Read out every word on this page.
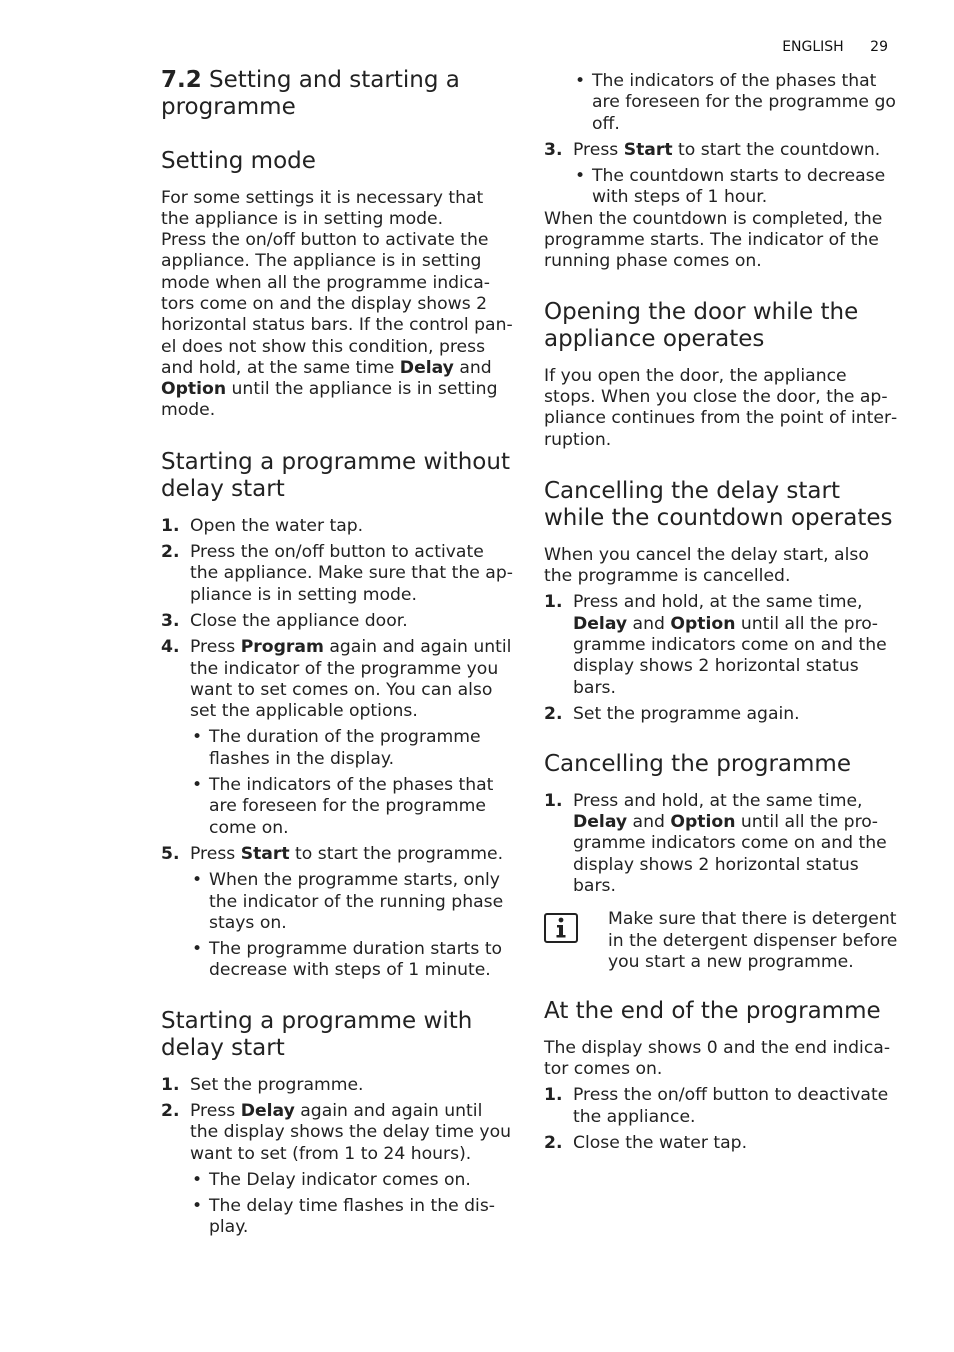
ENGLISH 29
7.2 Setting and starting a programme
Setting mode

For some settings it is necessary that the appliance is in setting mode.

Press the on/off button to activate the appliance. The appliance is in setting mode when all the programme indicators come on and the display shows 2 horizontal status bars. If the control panel does not show this condition, press and hold, at the same time Delay and Option until the appliance is in setting mode.

Starting a programme without delay start
1. Open the water tap.
2. Press the on/off button to activate the appliance. Make sure that the appliance is in setting mode.
3. Close the appliance door.
4. Press Program again and again until the indicator of the programme you want to set comes on. You can also set the applicable options.
• The duration of the programme flashes in the display.
• The indicators of the phases that are foreseen for the programme come on.
5. Press Start to start the programme.
• When the programme starts, only the indicator of the running phase stays on.
• The programme duration starts to decrease with steps of 1 minute.
Starting a programme with delay start
1. Set the programme.
2. Press Delay again and again until the display shows the delay time you want to set (from 1 to 24 hours).
• The Delay indicator comes on.
• The delay time flashes in the display.
• The indicators of the phases that are foreseen for the programme go off.
3. Press Start to start the countdown.
• The countdown starts to decrease with steps of 1 hour.

When the countdown is completed, the programme starts. The indicator of the running phase comes on.

Opening the door while the appliance operates

If you open the door, the appliance stops. When you close the door, the appliance continues from the point of interruption.

Cancelling the delay start while the countdown operates

When you cancel the delay start, also the programme is cancelled.

1. Press and hold, at the same time, Delay and Option until all the programme indicators come on and the display shows 2 horizontal status bars.
2. Set the programme again.
Cancelling the programme
1. Press and hold, at the same time, Delay and Option until all the programme indicators come on and the display shows 2 horizontal status bars.
Make sure that there is detergent in the detergent dispenser before you start a new programme.
At the end of the programme

The display shows 0 and the end indicator comes on.

1. Press the on/off button to deactivate the appliance.
2. Close the water tap.
